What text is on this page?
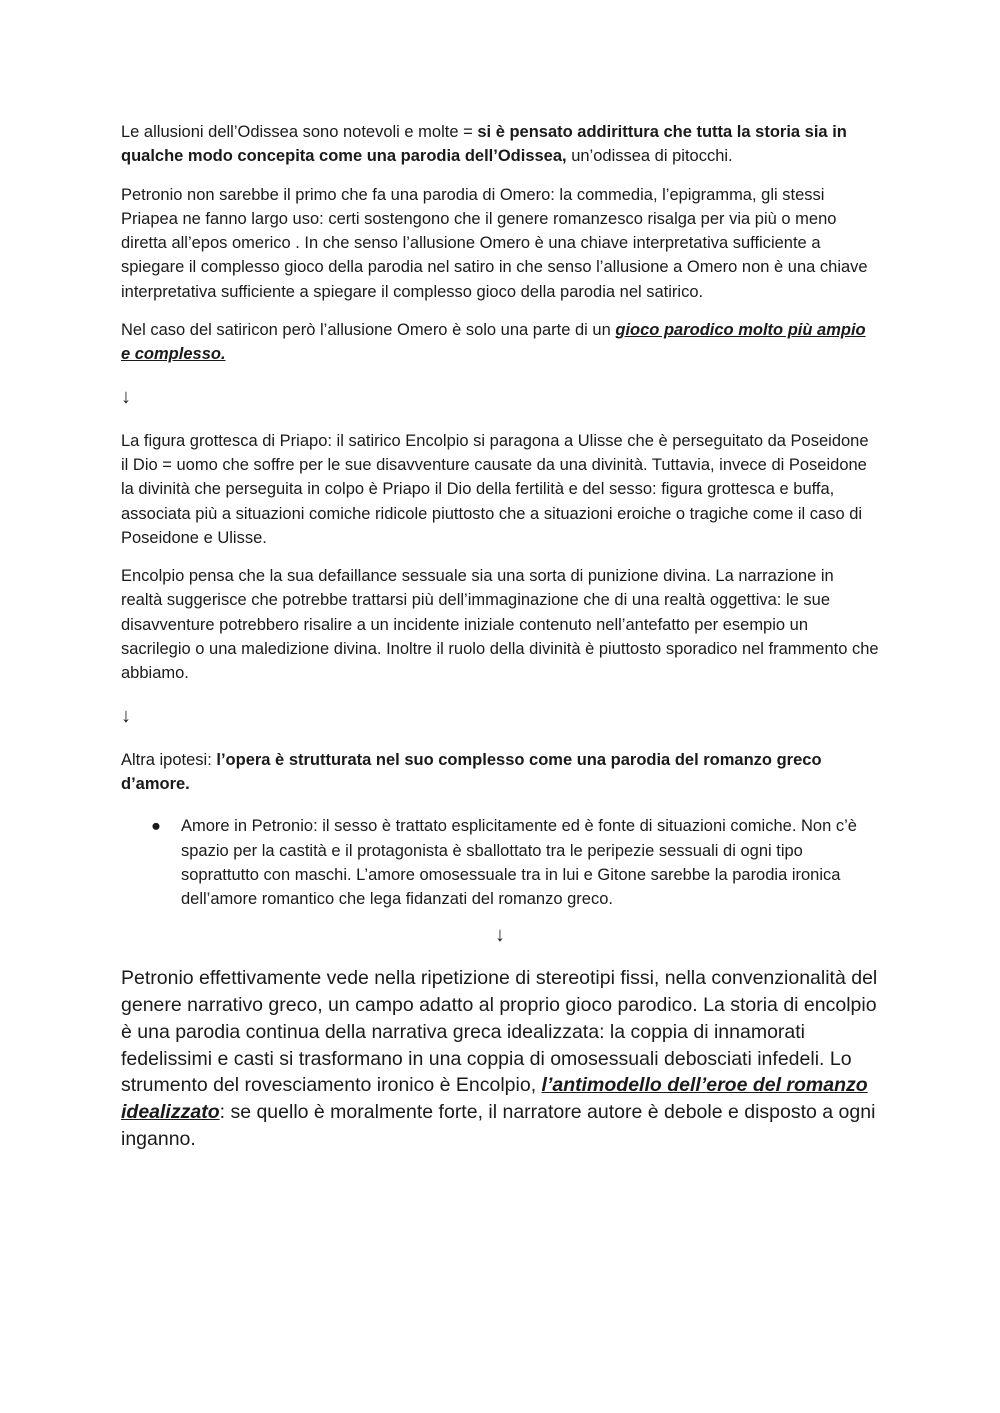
Le allusioni dell’Odissea sono notevoli e molte = si è pensato addirittura che tutta la storia sia in qualche modo concepita come una parodia dell’Odissea, un’odissea di pitocchi.

Petronio non sarebbe il primo che fa una parodia di Omero: la commedia, l’epigramma, gli stessi Priapea ne fanno largo uso: certi sostengono che il genere romanzesco risalga per via più o meno diretta all’epos omerico . In che senso l’allusione Omero è una chiave interpretativa sufficiente a spiegare il complesso gioco della parodia nel satiro in che senso l’allusione a Omero non è una chiave interpretativa sufficiente a spiegare il complesso gioco della parodia nel satirico.

Nel caso del satiricon però l’allusione Omero è solo una parte di un gioco parodico molto più ampio e complesso.

↓

La figura grottesca di Priapo: il satirico Encolpio si paragona a Ulisse che è perseguitato da Poseidone il Dio = uomo che soffre per le sue disavventure causate da una divinità. Tuttavia, invece di Poseidone la divinità che perseguita in colpo è Priapo il Dio della fertilità e del sesso: figura grottesca e buffa, associata più a situazioni comiche ridicole piuttosto che a situazioni eroiche o tragiche come il caso di Poseidone e Ulisse.

Encolpio pensa che la sua defaillance sessuale sia una sorta di punizione divina. La narrazione in realtà suggerisce che potrebbe trattarsi più dell’immaginazione che di una realtà oggettiva: le sue disavventure potrebbero risalire a un incidente iniziale contenuto nell’antefatto per esempio un sacrilegio o una maledizione divina. Inoltre il ruolo della divinità è piuttosto sporadico nel frammento che abbiamo.

↓

Altra ipotesi: l’opera è strutturata nel suo complesso come una parodia del romanzo greco d’amore.

● Amore in Petronio: il sesso è trattato esplicitamente ed è fonte di situazioni comiche. Non c’è spazio per la castità e il protagonista è sballottato tra le peripezie sessuali di ogni tipo soprattutto con maschi. L’amore omosessuale tra in lui e Gitone sarebbe la parodia ironica dell’amore romantico che lega fidanzati del romanzo greco.
↓

Petronio effettivamente vede nella ripetizione di stereotipi fissi, nella convenzionalità del genere narrativo greco, un campo adatto al proprio gioco parodico. La storia di encolpio è una parodia continua della narrativa greca idealizzata: la coppia di innamorati fedelissimi e casti si trasformano in una coppia di omosessuali debosciati infedeli. Lo strumento del rovesciamento ironico è Encolpio, l’antimodello dell’eroe del romanzo idealizzato: se quello è moralmente forte, il narratore autore è debole e disposto a ogni inganno.
